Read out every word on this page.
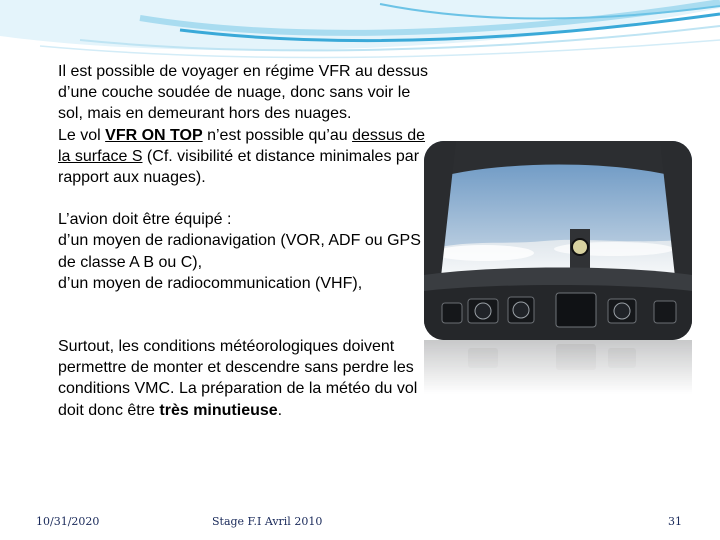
Il est possible de voyager en régime VFR au dessus d’une couche soudée de nuage, donc sans voir le sol, mais en demeurant hors des nuages.

Le vol VFR ON TOP n’est possible qu’au dessus de la surface S (Cf. visibilité et distance minimales par rapport aux nuages).

L’avion doit être équipé :

d’un moyen de radionavigation (VOR, ADF ou GPS de classe A B ou C),

d’un moyen de radiocommunication (VHF),

Surtout, les conditions météorologiques doivent permettre de monter et descendre sans perdre les conditions VMC. La préparation de la météo du vol doit donc être très minutieuse.

10/31/2020	Stage F.I Avril 2010	31
